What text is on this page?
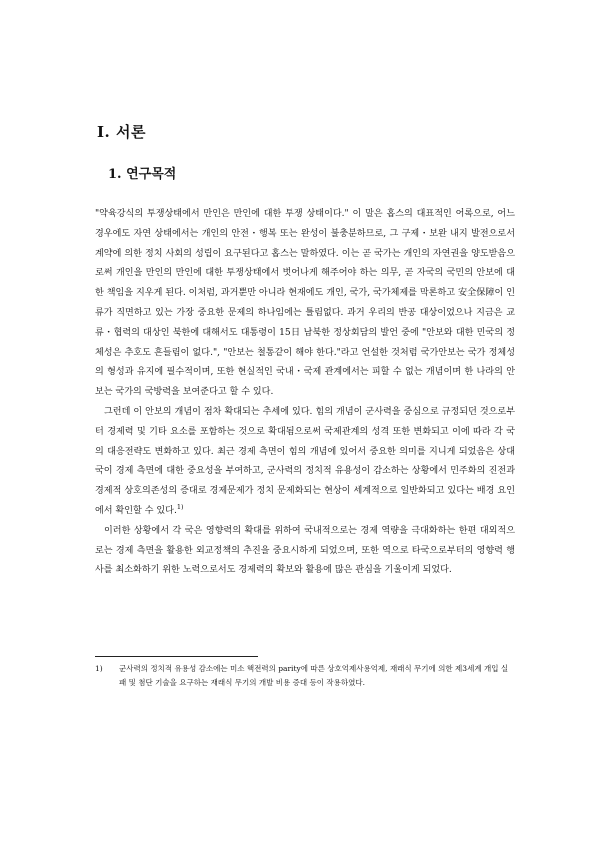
Ⅰ. 서론
1. 연구목적

"약육강식의 투쟁상태에서 만인은 만인에 대한 투쟁 상태이다." 이 말은 홉스의 대표적인 어록으로, 어느 경우에도 자연 상태에서는 개인의 안전・행복 또는 완성이 불충분하므로, 그 구제・보완 내지 발전으로서 계약에 의한 정치 사회의 성립이 요구된다고 홉스는 말하였다. 이는 곧 국가는 개인의 자연권을 양도받음으로써 개인을 만인의 만인에 대한 투쟁상태에서 벗어나게 해주어야 하는 의무, 곧 자국의 국민의 안보에 대한 책임을 지우게 된다. 이처럼, 과거뿐만 아니라 현재에도 개인, 국가, 국가체제를 막론하고 安全保障이 인류가 직면하고 있는 가장 중요한 문제의 하나임에는 틀림없다. 과거 우리의 반공 대상이었으나 지금은 교류・협력의 대상인 북한에 대해서도 대통령이 15日 남북한 정상회담의 발언 중에 "안보와 대한 민국의 정체성은 추호도 흔들림이 없다.", "안보는 철통같이 해야 한다."라고 언설한 것처럼 국가안보는 국가 정체성의 형성과 유지에 필수적이며, 또한 현실적인 국내・국제 관계에서는 피할 수 없는 개념이며 한 나라의 안보는 국가의 국방력을 보여준다고 할 수 있다.

그런데 이 안보의 개념이 점차 확대되는 추세에 있다. 힘의 개념이 군사력을 중심으로 규정되던 것으로부터 경제력 및 기타 요소를 포함하는 것으로 확대됨으로써 국제관계의 성격 또한 변화되고 이에 따라 각 국의 대응전략도 변화하고 있다. 최근 경제 측면이 힘의 개념에 있어서 중요한 의미를 지니게 되었음은 상대국이 경제 측면에 대한 중요성을 부여하고, 군사력의 정치적 유용성이 감소하는 상황에서 민주화의 진전과 경제적 상호의존성의 증대로 경제문제가 정치 문제화되는 현상이 세계적으로 일반화되고 있다는 배경 요인에서 확인할 수 있다.$^{1)}$

이러한 상황에서 각 국은 영향력의 확대를 위하여 국내적으로는 경제 역량을 극대화하는 한편 대외적으로는 경제 측면을 활용한 외교정책의 추진을 중요시하게 되었으며, 또한 역으로 타국으로부터의 영향력 행사를 최소화하기 위한 노력으로서도 경제력의 확보와 활용에 많은 관심을 기울이게 되었다.

1) 군사력의 정치적 유용성 감소에는 미소 핵전력의 parity에 따른 상호억제사용억제, 재래식 무기에 의한 제3세계 개입 실패 및 첨단 기술을 요구하는 재래식 무기의 개발 비용 증대 등이 작용하였다.
